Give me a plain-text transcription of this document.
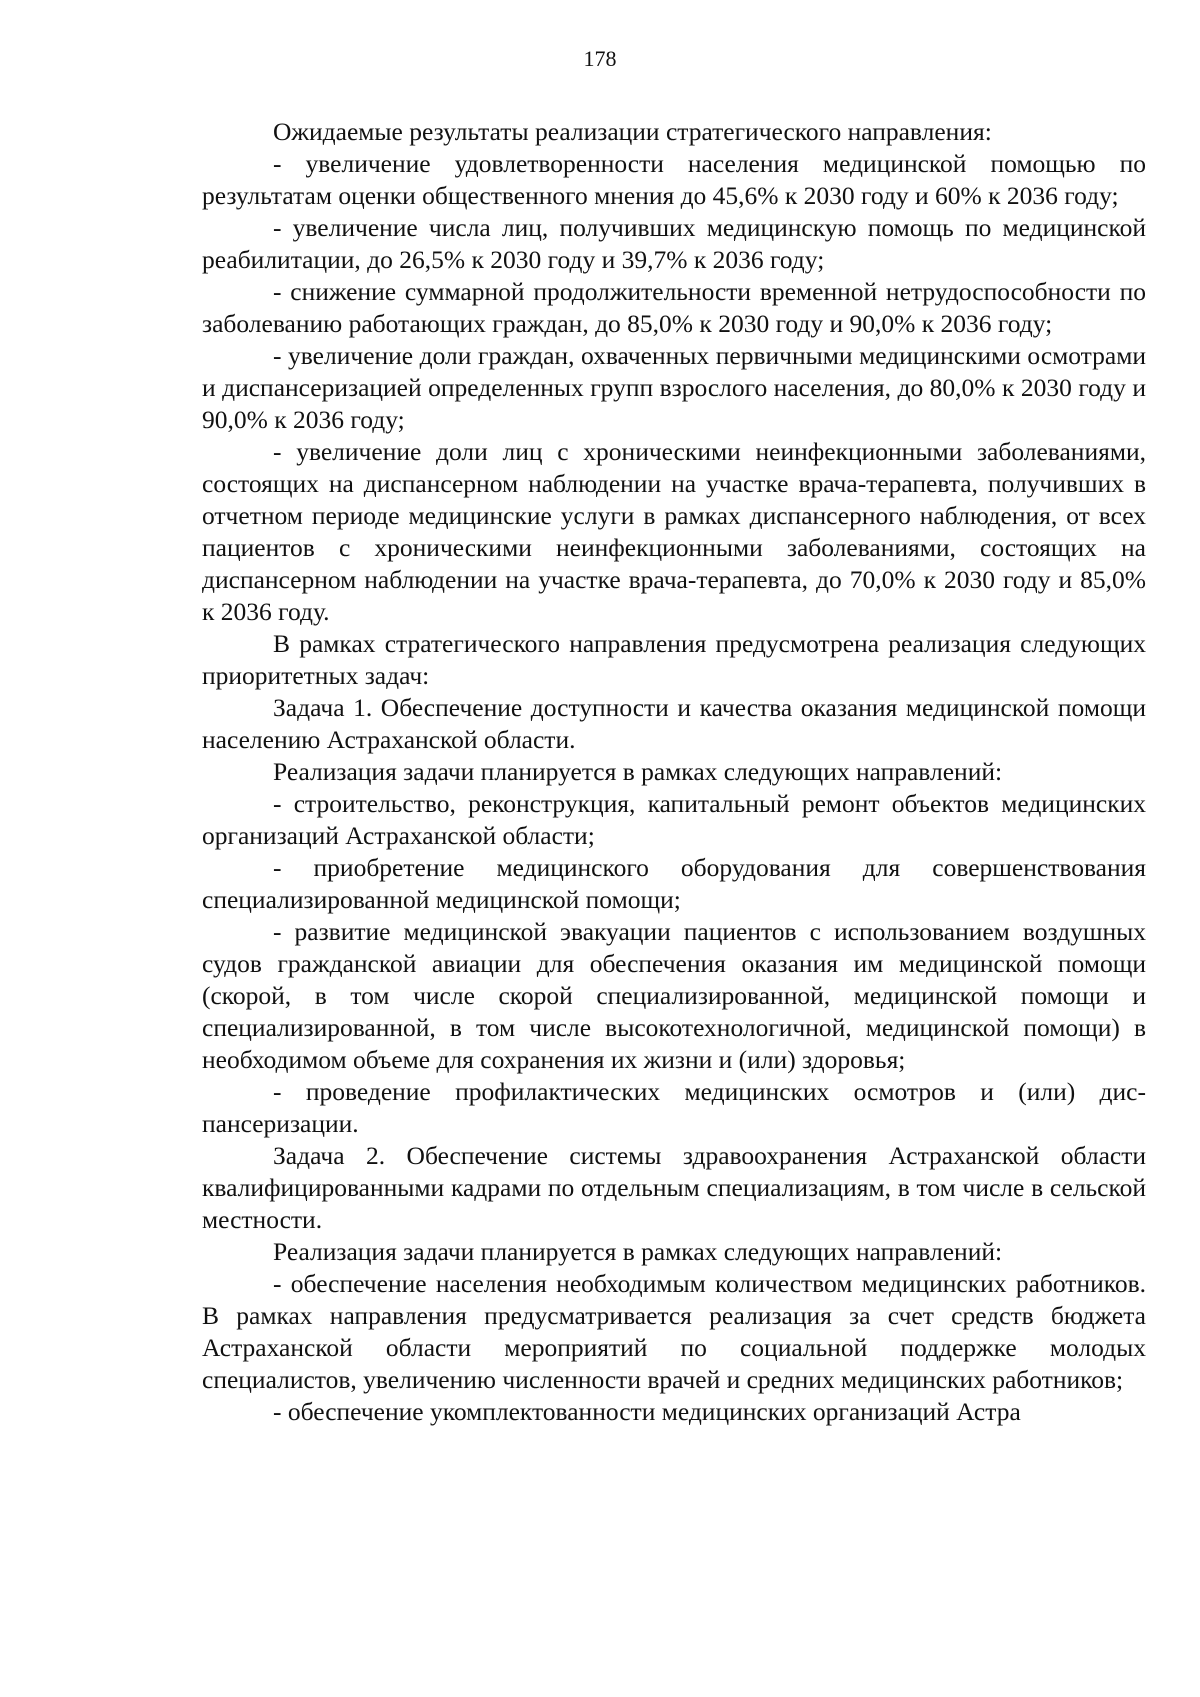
178

Ожидаемые результаты реализации стратегического направления:

- увеличение удовлетворенности населения медицинской помощью по результатам оценки общественного мнения до 45,6% к 2030 году и 60% к 2036 году;

- увеличение числа лиц, получивших медицинскую помощь по медицинской реабилитации, до 26,5% к 2030 году и 39,7% к 2036 году;

- снижение суммарной продолжительности временной нетрудоспособности по заболеванию работающих граждан, до 85,0% к 2030 году и 90,0% к 2036 году;

- увеличение доли граждан, охваченных первичными медицинскими осмотрами и диспансеризацией определенных групп взрослого населения, до 80,0% к 2030 году и 90,0% к 2036 году;

- увеличение доли лиц с хроническими неинфекционными заболеваниями, состоящих на диспансерном наблюдении на участке врача-терапевта, получивших в отчетном периоде медицинские услуги в рамках диспансерного наблюдения, от всех пациентов с хроническими неинфекционными заболеваниями, состоящих на диспансерном наблюдении на участке врача-терапевта, до 70,0% к 2030 году и 85,0% к 2036 году.

В рамках стратегического направления предусмотрена реализация следующих приоритетных задач:

Задача 1. Обеспечение доступности и качества оказания медицинской помощи населению Астраханской области.

Реализация задачи планируется в рамках следующих направлений:

- строительство, реконструкция, капитальный ремонт объектов медицинских организаций Астраханской области;

- приобретение медицинского оборудования для совершенствования специализированной медицинской помощи;

- развитие медицинской эвакуации пациентов с использованием воздушных судов гражданской авиации для обеспечения оказания им медицинской помощи (скорой, в том числе скорой специализированной, медицинской помощи и специализированной, в том числе высокотехнологичной, медицинской помощи) в необходимом объеме для сохранения их жизни и (или) здоровья;

- проведение профилактических медицинских осмотров и (или) диспансеризации.

Задача 2. Обеспечение системы здравоохранения Астраханской области квалифицированными кадрами по отдельным специализациям, в том числе в сельской местности.

Реализация задачи планируется в рамках следующих направлений:

- обеспечение населения необходимым количеством медицинских работников. В рамках направления предусматривается реализация за счет средств бюджета Астраханской области мероприятий по социальной поддержке молодых специалистов, увеличению численности врачей и средних медицинских работников;

- обеспечение укомплектованности медицинских организаций Астра
